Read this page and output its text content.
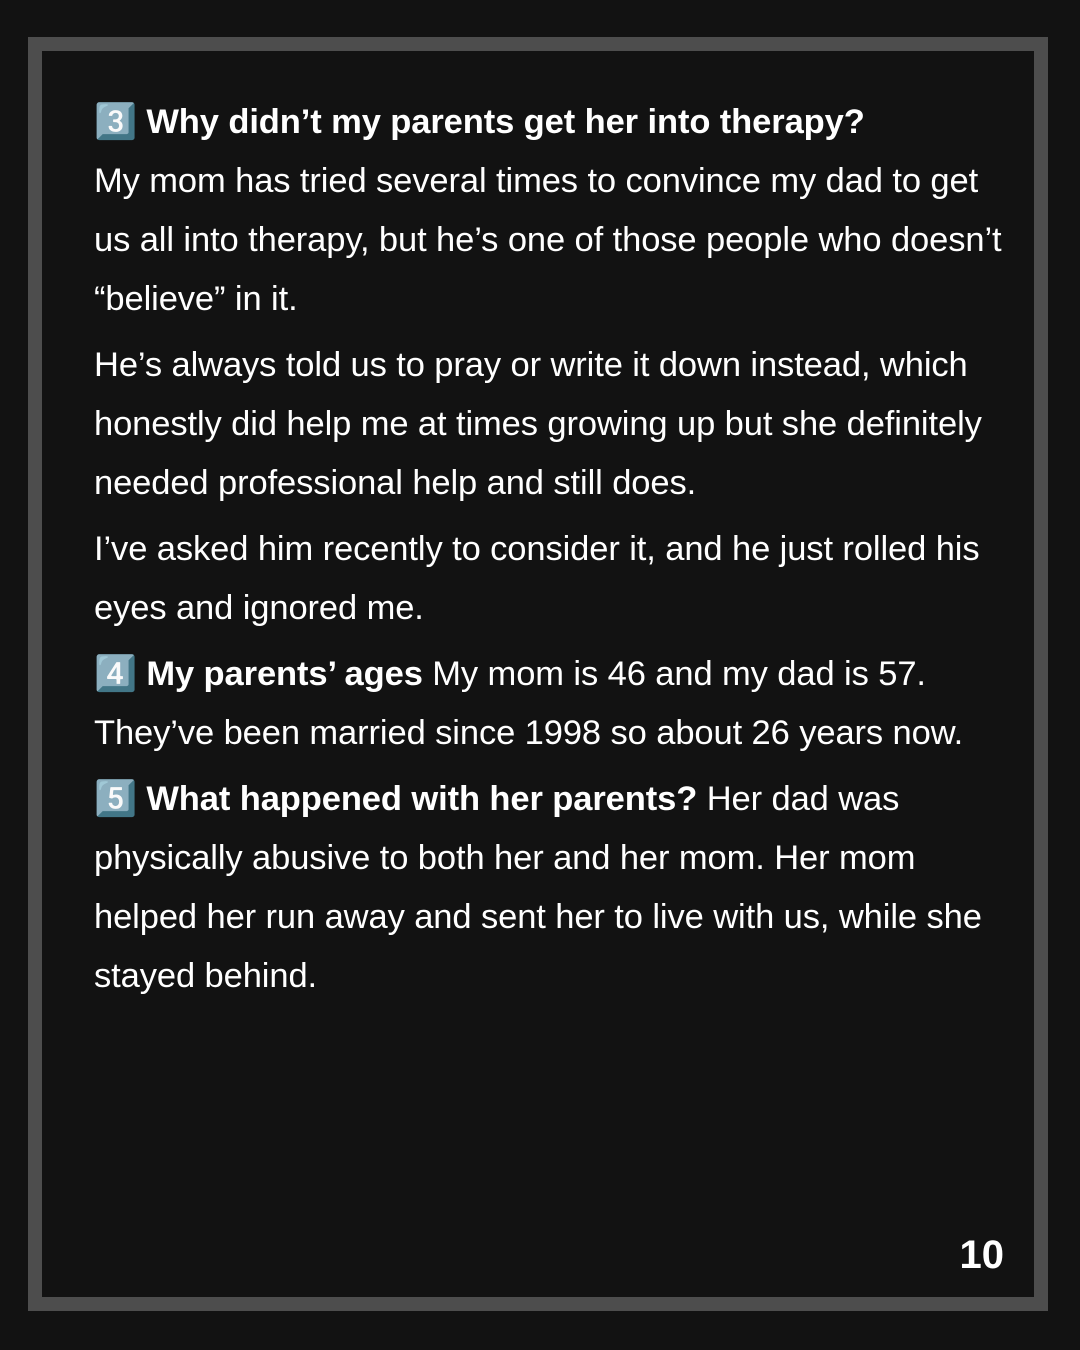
3️⃣ Why didn’t my parents get her into therapy?
My mom has tried several times to convince my dad to get us all into therapy, but he’s one of those people who doesn’t “believe” in it.
He’s always told us to pray or write it down instead, which honestly did help me at times growing up but she definitely needed professional help and still does.
I’ve asked him recently to consider it, and he just rolled his eyes and ignored me.
4️⃣ My parents’ ages My mom is 46 and my dad is 57. They’ve been married since 1998 so about 26 years now.
5️⃣ What happened with her parents? Her dad was physically abusive to both her and her mom. Her mom helped her run away and sent her to live with us, while she stayed behind.
10
